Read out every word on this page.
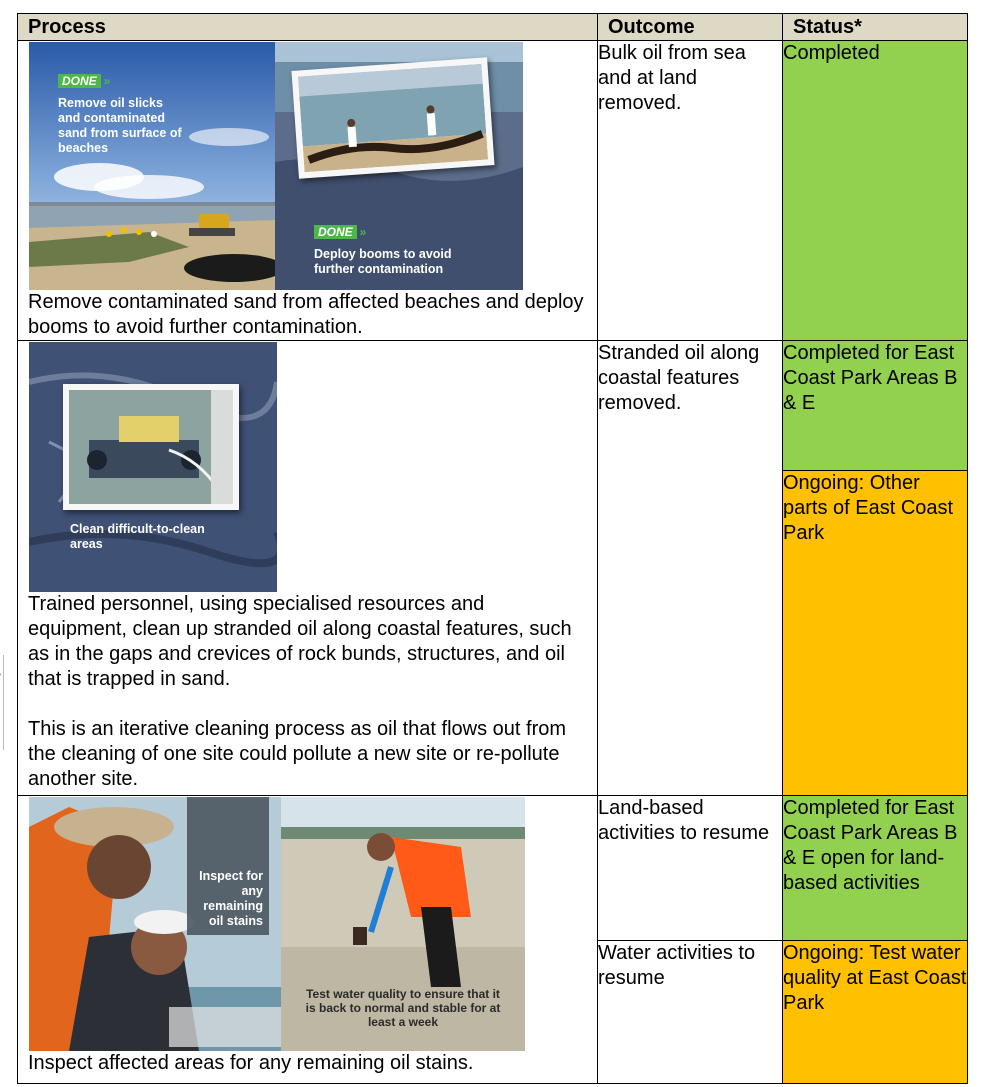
Process	Outcome	Status*

DONE »
Remove oil slicks and contaminated sand from surface of beaches
DONE »
Deploy booms to avoid further contamination

Remove contaminated sand from affected beaches and deploy booms to avoid further contamination.	Bulk oil from sea and at land removed.	Completed

Clean difficult-to-clean areas

Trained personnel, using specialised resources and equipment, clean up stranded oil along coastal features, such as in the gaps and crevices of rock bunds, structures, and oil that is trapped in sand.

This is an iterative cleaning process as oil that flows out from the cleaning of one site could pollute a new site or re-pollute another site.	Stranded oil along coastal features removed.	Completed for East Coast Park Areas B & E
		Ongoing: Other parts of East Coast Park

Inspect for any remaining oil stains
Test water quality to ensure that it is back to normal and stable for at least a week

Inspect affected areas for any remaining oil stains.	Land-based activities to resume	Completed for East Coast Park Areas B & E open for land-based activities
	Water activities to resume	Ongoing: Test water quality at East Coast Park
